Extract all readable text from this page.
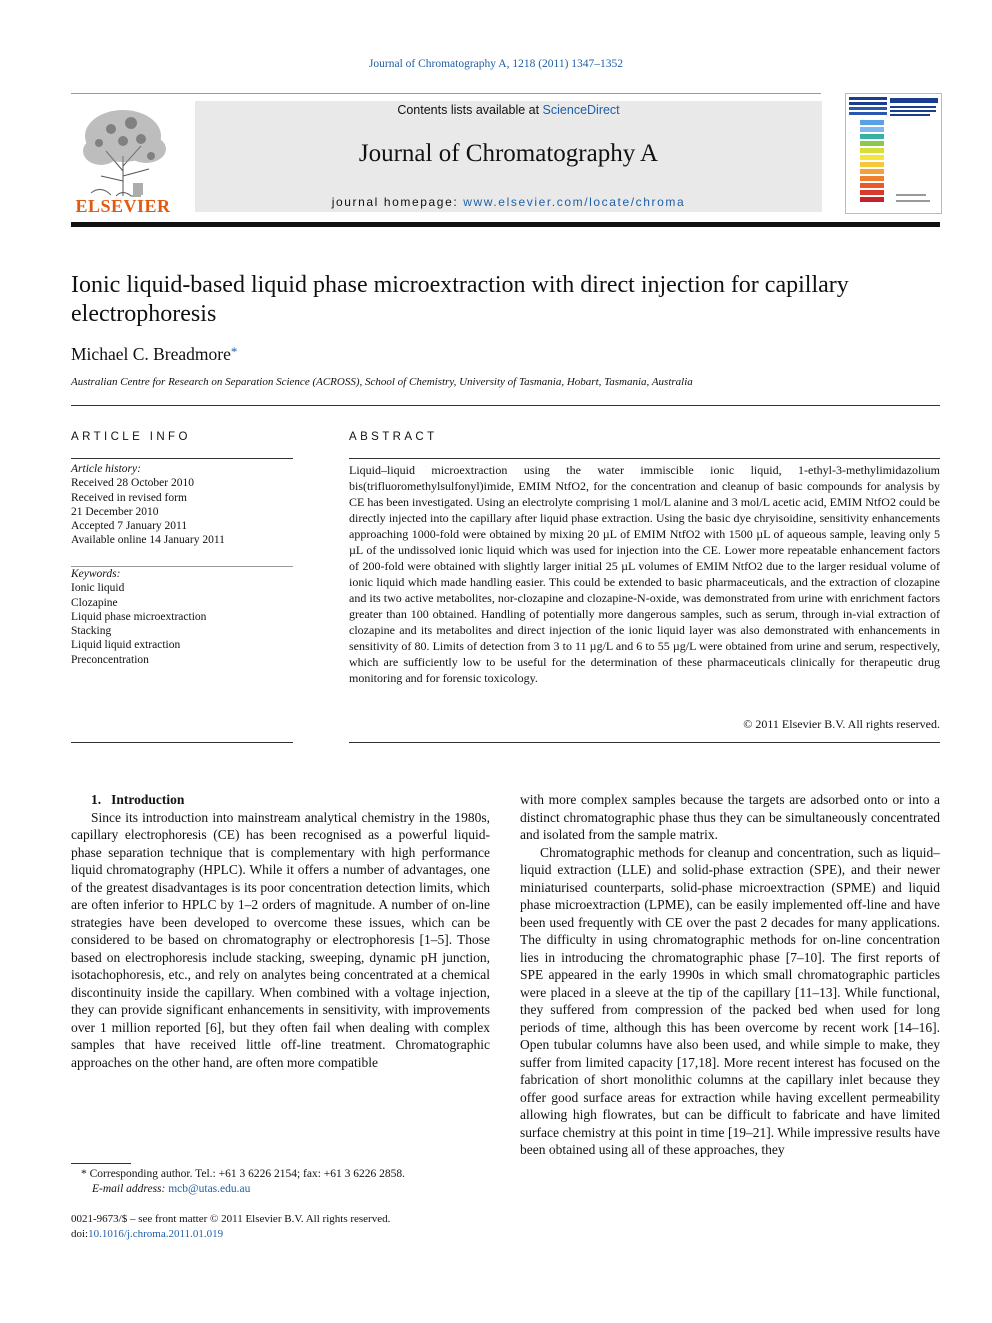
Journal of Chromatography A, 1218 (2011) 1347–1352
Contents lists available at ScienceDirect
Journal of Chromatography A
journal homepage: www.elsevier.com/locate/chroma
ELSEVIER
Ionic liquid-based liquid phase microextraction with direct injection for capillary electrophoresis
Michael C. Breadmore*
Australian Centre for Research on Separation Science (ACROSS), School of Chemistry, University of Tasmania, Hobart, Tasmania, Australia
ARTICLE INFO
Article history:
Received 28 October 2010
Received in revised form
21 December 2010
Accepted 7 January 2011
Available online 14 January 2011
Keywords:
Ionic liquid
Clozapine
Liquid phase microextraction
Stacking
Liquid liquid extraction
Preconcentration
ABSTRACT
Liquid–liquid microextraction using the water immiscible ionic liquid, 1-ethyl-3-methylimidazolium bis(trifluoromethylsulfonyl)imide, EMIM NtfO2, for the concentration and cleanup of basic compounds for analysis by CE has been investigated. Using an electrolyte comprising 1 mol/L alanine and 3 mol/L acetic acid, EMIM NtfO2 could be directly injected into the capillary after liquid phase extraction. Using the basic dye chryisoidine, sensitivity enhancements approaching 1000-fold were obtained by mixing 20 µL of EMIM NtfO2 with 1500 µL of aqueous sample, leaving only 5 µL of the undissolved ionic liquid which was used for injection into the CE. Lower more repeatable enhancement factors of 200-fold were obtained with slightly larger initial 25 µL volumes of EMIM NtfO2 due to the larger residual volume of ionic liquid which made handling easier. This could be extended to basic pharmaceuticals, and the extraction of clozapine and its two active metabolites, nor-clozapine and clozapine-N-oxide, was demonstrated from urine with enrichment factors greater than 100 obtained. Handling of potentially more dangerous samples, such as serum, through in-vial extraction of clozapine and its metabolites and direct injection of the ionic liquid layer was also demonstrated with enhancements in sensitivity of 80. Limits of detection from 3 to 11 µg/L and 6 to 55 µg/L were obtained from urine and serum, respectively, which are sufficiently low to be useful for the determination of these pharmaceuticals clinically for therapeutic drug monitoring and for forensic toxicology.
© 2011 Elsevier B.V. All rights reserved.

1. Introduction

Since its introduction into mainstream analytical chemistry in the 1980s, capillary electrophoresis (CE) has been recognised as a powerful liquid-phase separation technique that is complementary with high performance liquid chromatography (HPLC). While it offers a number of advantages, one of the greatest disadvantages is its poor concentration detection limits, which are often inferior to HPLC by 1–2 orders of magnitude. A number of on-line strategies have been developed to overcome these issues, which can be considered to be based on chromatography or electrophoresis [1–5]. Those based on electrophoresis include stacking, sweeping, dynamic pH junction, isotachophoresis, etc., and rely on analytes being concentrated at a chemical discontinuity inside the capillary. When combined with a voltage injection, they can provide significant enhancements in sensitivity, with improvements over 1 million reported [6], but they often fail when dealing with complex samples that have received little off-line treatment. Chromatographic approaches on the other hand, are often more compatible

with more complex samples because the targets are adsorbed onto or into a distinct chromatographic phase thus they can be simultaneously concentrated and isolated from the sample matrix.

Chromatographic methods for cleanup and concentration, such as liquid–liquid extraction (LLE) and solid-phase extraction (SPE), and their newer miniaturised counterparts, solid-phase microextraction (SPME) and liquid phase microextraction (LPME), can be easily implemented off-line and have been used frequently with CE over the past 2 decades for many applications. The difficulty in using chromatographic methods for on-line concentration lies in introducing the chromatographic phase [7–10]. The first reports of SPE appeared in the early 1990s in which small chromatographic particles were placed in a sleeve at the tip of the capillary [11–13]. While functional, they suffered from compression of the packed bed when used for long periods of time, although this has been overcome by recent work [14–16]. Open tubular columns have also been used, and while simple to make, they suffer from limited capacity [17,18]. More recent interest has focused on the fabrication of short monolithic columns at the capillary inlet because they offer good surface areas for extraction while having excellent permeability allowing high flowrates, but can be difficult to fabricate and have limited surface chemistry at this point in time [19–21]. While impressive results have been obtained using all of these approaches, they

* Corresponding author. Tel.: +61 3 6226 2154; fax: +61 3 6226 2858.
E-mail address: mcb@utas.edu.au
0021-9673/$ – see front matter © 2011 Elsevier B.V. All rights reserved.
doi:10.1016/j.chroma.2011.01.019
